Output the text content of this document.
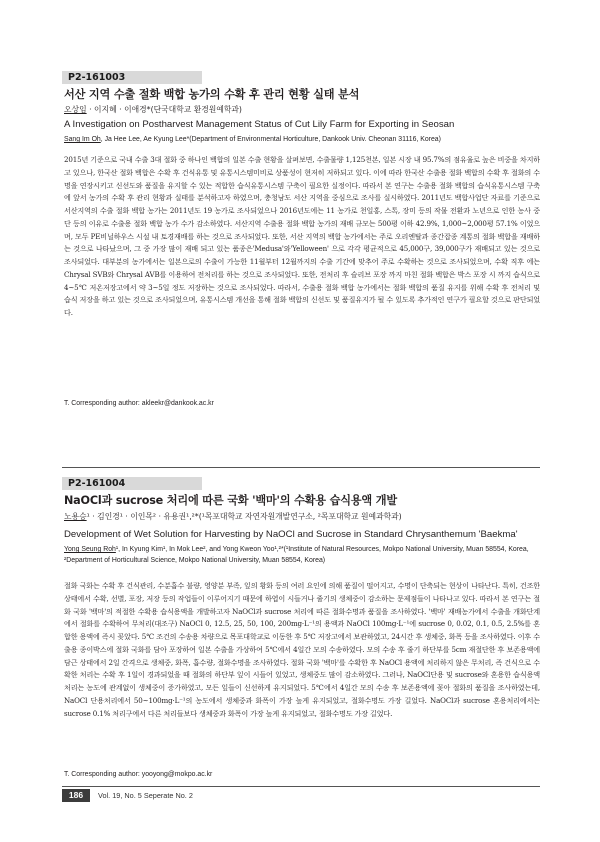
P2-161003
서산 지역 수출 절화 백합 농가의 수확 후 관리 현황 실태 분석
오상임 · 이지혜 · 이애경*(단국대학교 환경원예학과)
A Investigation on Postharvest Management Status of Cut Lily Farm for Exporting in Seosan
Sang Im Oh, Ja Hee Lee, Ae Kyung Lee*(Department of Environmental Horticulture, Dankook Univ. Cheonan 31116, Korea)
2015년 기준으로 국내 수출 3대 절화 중 하나인 백합의 일본 수출 현황을 살펴보면, 수출물량 1,125천본, 일본 시장 내 95.7%의 점유율로 높은 비중을 차지하고 있으나, 한국산 절화 백합은 수확 후 건식유통 및 유통시스템미비로 상품성이 현저히 저하되고 있다. 이에 따라 한국산 수출용 절화 백합의 수확 후 절화의 수명을 연장시키고 신선도와 품질을 유지할 수 있는 적합한 습식유통시스템 구축이 필요한 실정이다. 따라서 본 연구는 수출용 절화 백합의 습식유통시스템 구축에 앞서 농가의 수확 후 관리 현황과 실태를 분석하고자 하였으며, 충청남도 서산 지역을 중심으로 조사를 실시하였다. 2011년도 백합사업단 자료를 기준으로 서산지역의 수출 절화 백합 농가는 2011년도 19 농가로 조사되었으나 2016년도에는 11 농가로 천일홍, 스톡, 장미 등의 작물 전환과 노년으로 인한 농사 중단 등의 이유로 수출용 절화 백합 농가 수가 감소하였다. 서산지역 수출용 절화 백합 농가의 재배 규모는 500평 이하 42.9%, 1,000~2,000평 57.1% 이었으며, 모두 PE비닐하우스 시설 내 토경재배를 하는 것으로 조사되었다. 또한, 서산 지역의 백합 농가에서는 주로 오리엔탈과 종간잡종 계통의 절화 백합을 재배하는 것으로 나타났으며, 그 중 가장 많이 재배 되고 있는 품종은'Medusa'와'Yelloween' 으로 각각 평균적으로 45,000구, 39,000구가 재배되고 있는 것으로 조사되었다. 대부분의 농가에서는 일본으로의 수출이 가능한 11월부터 12월까지의 수출 기간에 맞추어 주로 수확하는 것으로 조사되었으며, 수확 직후 에는 Chrysal SVB와 Chrysal AVB를 이용하여 전처리를 하는 것으로 조사되었다. 또한, 전처리 후 슬리브 포장 까지 마친 절화 백합은 박스 포장 시 까지 습식으로 4~5℃ 저온저장고에서 약 3~5일 정도 저장하는 것으로 조사되었다. 따라서, 수출용 절화 백합 농가에서는 절화 백합의 품질 유지를 위해 수확 후 전처리 및 습식 저장을 하고 있는 것으로 조사되었으며, 유통시스템 개선을 통해 절화 백합의 신선도 및 품질유지가 될 수 있도록 추가적인 연구가 필요할 것으로 판단되었다.
T. Corresponding author: akleekr@dankook.ac.kr
P2-161004
NaOCl과 sucrose 처리에 따른 국화 '백마'의 수확용 습식용액 개발
노용승¹ · 김인경¹ · 이인목² · 유용권¹,²*(¹목포대학교 자연자원개발연구소, ²목포대학교 원예과학과)
Development of Wet Solution for Harvesting by NaOCl and Sucrose in Standard Chrysanthemum 'Baekma'
Yong Seung Roh¹, In Kyung Kim¹, In Mok Lee², and Yong Kweon Yoo¹,²*(¹Institute of Natural Resources, Mokpo National University, Muan 58554, Korea, ²Department of Horticultural Science, Mokpo National University, Muan 58554, Korea)
절화 국화는 수확 후 건식관리, 수분흡수 불량, 영양분 부족, 잎의 황화 등의 여러 요인에 의해 품질이 떨어지고, 수명이 단축되는 현상이 나타난다. 특히, 건조한 상태에서 수확, 선별, 포장, 저장 등의 작업들이 이루어지기 때문에 하엽이 시들거나 줄기의 생체중이 감소하는 문제점들이 나타나고 있다. 따라서 본 연구는 절화 국화 '백마'의 적절한 수확용 습식용액을 개발하고자 NaOCl과 sucrose 처리에 따른 절화수명과 품질을 조사하였다. '백마' 재배농가에서 수출을 개화단계에서 절화를 수확하여 무처리(대조구) NaOCl 0, 12.5, 25, 50, 100, 200mg·L⁻¹의 용액과 NaOCl 100mg·L⁻¹에 sucrose 0, 0.02, 0.1, 0.5, 2.5%를 혼합한 용액에 즉시 꽂았다. 5℃ 조건의 수송용 차량으로 목포대학교로 이동한 후 5℃ 저장고에서 보관하였고, 24시간 후 생체중, 화폭 등을 조사하였다. 이후 수출용 종이박스에 절화 국화를 담아 포장하여 일본 수출을 가상하여 5℃에서 4일간 모의 수송하였다. 모의 수송 후 줄기 하단부를 5cm 재절단한 후 보존용액에 담근 상태에서 2일 간격으로 생체중, 화폭, 흡수량, 절화수명을 조사하였다. 절화 국화 '백마'를 수확한 후 NaOCl 용액에 처리하지 않은 무처리, 즉 건식으로 수확한 처리는 수확 후 1일이 경과되었을 때 절화의 하단부 잎이 시들어 있었고, 생체중도 많이 감소하였다. 그러나, NaOCl단용 및 sucrose와 혼용한 습식용액 처리는 농도에 관계없이 생체중이 증가하였고, 모든 잎들이 신선하게 유지되었다. 5℃에서 4일간 모의 수송 후 보존용액에 꽂아 절화의 품질을 조사하였는데, NaOCl 단용처리에서 50~100mg·L⁻¹의 농도에서 생체중과 화폭이 가장 높게 유지되었고, 절화수명도 가장 길었다. NaOCl과 sucrose 혼용처리에서는 sucrose 0.1% 처리구에서 다른 처리들보다 생체중과 화폭이 가장 높게 유지되었고, 절화수명도 가장 길었다.
T. Corresponding author: yooyong@mokpo.ac.kr
186	Vol. 19, No. 5 Seperate No. 2
